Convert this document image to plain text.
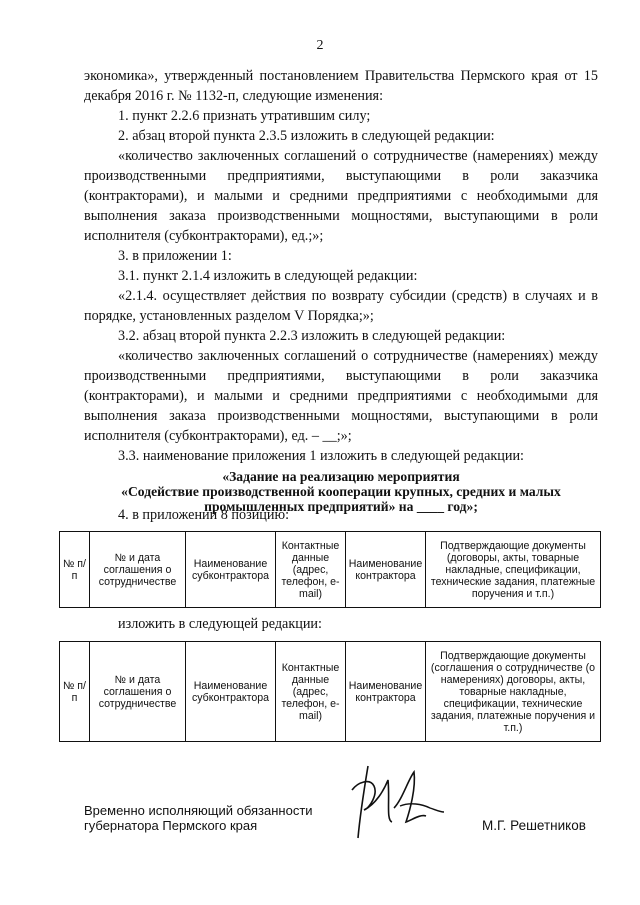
2
экономика», утвержденный постановлением Правительства Пермского края от 15 декабря 2016 г. № 1132-п, следующие изменения:
1. пункт 2.2.6 признать утратившим силу;
2. абзац второй пункта 2.3.5 изложить в следующей редакции:
«количество заключенных соглашений о сотрудничестве (намерениях) между производственными предприятиями, выступающими в роли заказчика (контракторами), и малыми и средними предприятиями с необходимыми для выполнения заказа производственными мощностями, выступающими в роли исполнителя (субконтракторами), ед.;»;
3. в приложении 1:
3.1. пункт 2.1.4 изложить в следующей редакции:
«2.1.4. осуществляет действия по возврату субсидии (средств) в случаях и в порядке, установленных разделом V Порядка;»;
3.2. абзац второй пункта 2.2.3 изложить в следующей редакции:
«количество заключенных соглашений о сотрудничестве (намерениях) между производственными предприятиями, выступающими в роли заказчика (контракторами), и малыми и средними предприятиями с необходимыми для выполнения заказа производственными мощностями, выступающими в роли исполнителя (субконтракторами), ед. – __;»;
3.3. наименование приложения 1 изложить в следующей редакции:
«Задание на реализацию мероприятия
«Содействие производственной кооперации крупных, средних и малых
промышленных предприятий» на ____ год»;
4. в приложении 8 позицию:
№ п/п	№ и дата соглашения о сотрудничестве	Наименование субконтрактора	Контактные данные (адрес, телефон, e-mail)	Наименование контрактора	Подтверждающие документы (договоры, акты, товарные накладные, спецификации, технические задания, платежные поручения и т.п.)
изложить в следующей редакции:
№ п/п	№ и дата соглашения о сотрудничестве	Наименование субконтрактора	Контактные данные (адрес, телефон, e-mail)	Наименование контрактора	Подтверждающие документы (соглашения о сотрудничестве (о намерениях) договоры, акты, товарные накладные, спецификации, технические задания, платежные поручения и т.п.)
Временно исполняющий обязанности
губернатора Пермского края	М.Г. Решетников
